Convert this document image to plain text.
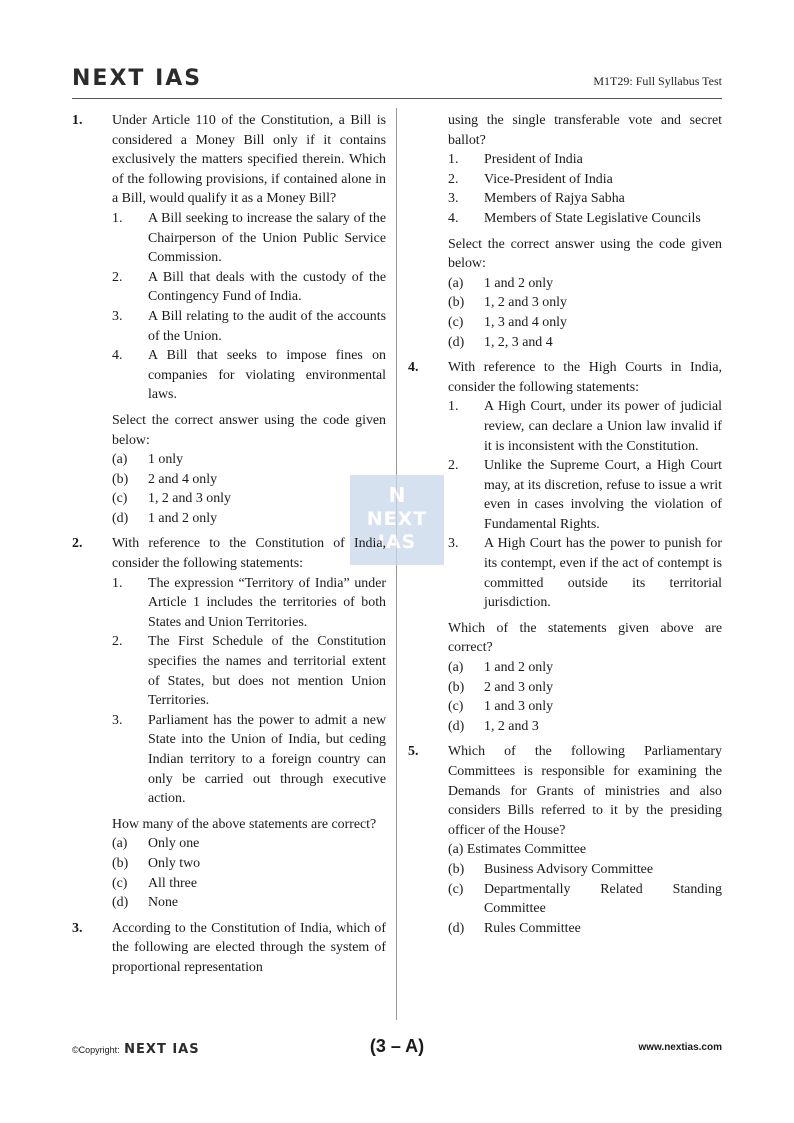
NEXT IAS	M1T29: Full Syllabus Test
N
NEXT
IAS
1. Under Article 110 of the Constitution, a Bill is considered a Money Bill only if it contains exclusively the matters specified therein. Which of the following provisions, if contained alone in a Bill, would qualify it as a Money Bill?
1. A Bill seeking to increase the salary of the Chairperson of the Union Public Service Commission.
2. A Bill that deals with the custody of the Contingency Fund of India.
3. A Bill relating to the audit of the accounts of the Union.
4. A Bill that seeks to impose fines on companies for violating environmental laws.
Select the correct answer using the code given below:
(a) 1 only
(b) 2 and 4 only
(c) 1, 2 and 3 only
(d) 1 and 2 only
2. With reference to the Constitution of India, consider the following statements:
1. The expression “Territory of India” under Article 1 includes the territories of both States and Union Territories.
2. The First Schedule of the Constitution specifies the names and territorial extent of States, but does not mention Union Territories.
3. Parliament has the power to admit a new State into the Union of India, but ceding Indian territory to a foreign country can only be carried out through executive action.
How many of the above statements are correct?
(a) Only one
(b) Only two
(c) All three
(d) None
3. According to the Constitution of India, which of the following are elected through the system of proportional representation
using the single transferable vote and secret ballot?
1. President of India
2. Vice-President of India
3. Members of Rajya Sabha
4. Members of State Legislative Councils
Select the correct answer using the code given below:
(a) 1 and 2 only
(b) 1, 2 and 3 only
(c) 1, 3 and 4 only
(d) 1, 2, 3 and 4
4. With reference to the High Courts in India, consider the following statements:
1. A High Court, under its power of judicial review, can declare a Union law invalid if it is inconsistent with the Constitution.
2. Unlike the Supreme Court, a High Court may, at its discretion, refuse to issue a writ even in cases involving the violation of Fundamental Rights.
3. A High Court has the power to punish for its contempt, even if the act of contempt is committed outside its territorial jurisdiction.
Which of the statements given above are correct?
(a) 1 and 2 only
(b) 2 and 3 only
(c) 1 and 3 only
(d) 1, 2 and 3
5. Which of the following Parliamentary Committees is responsible for examining the Demands for Grants of ministries and also considers Bills referred to it by the presiding officer of the House?
(a) Estimates Committee
(b) Business Advisory Committee
(c) Departmentally Related Standing Committee
(d) Rules Committee
©Copyright: NEXT IAS	(3 – A)	www.nextias.com
